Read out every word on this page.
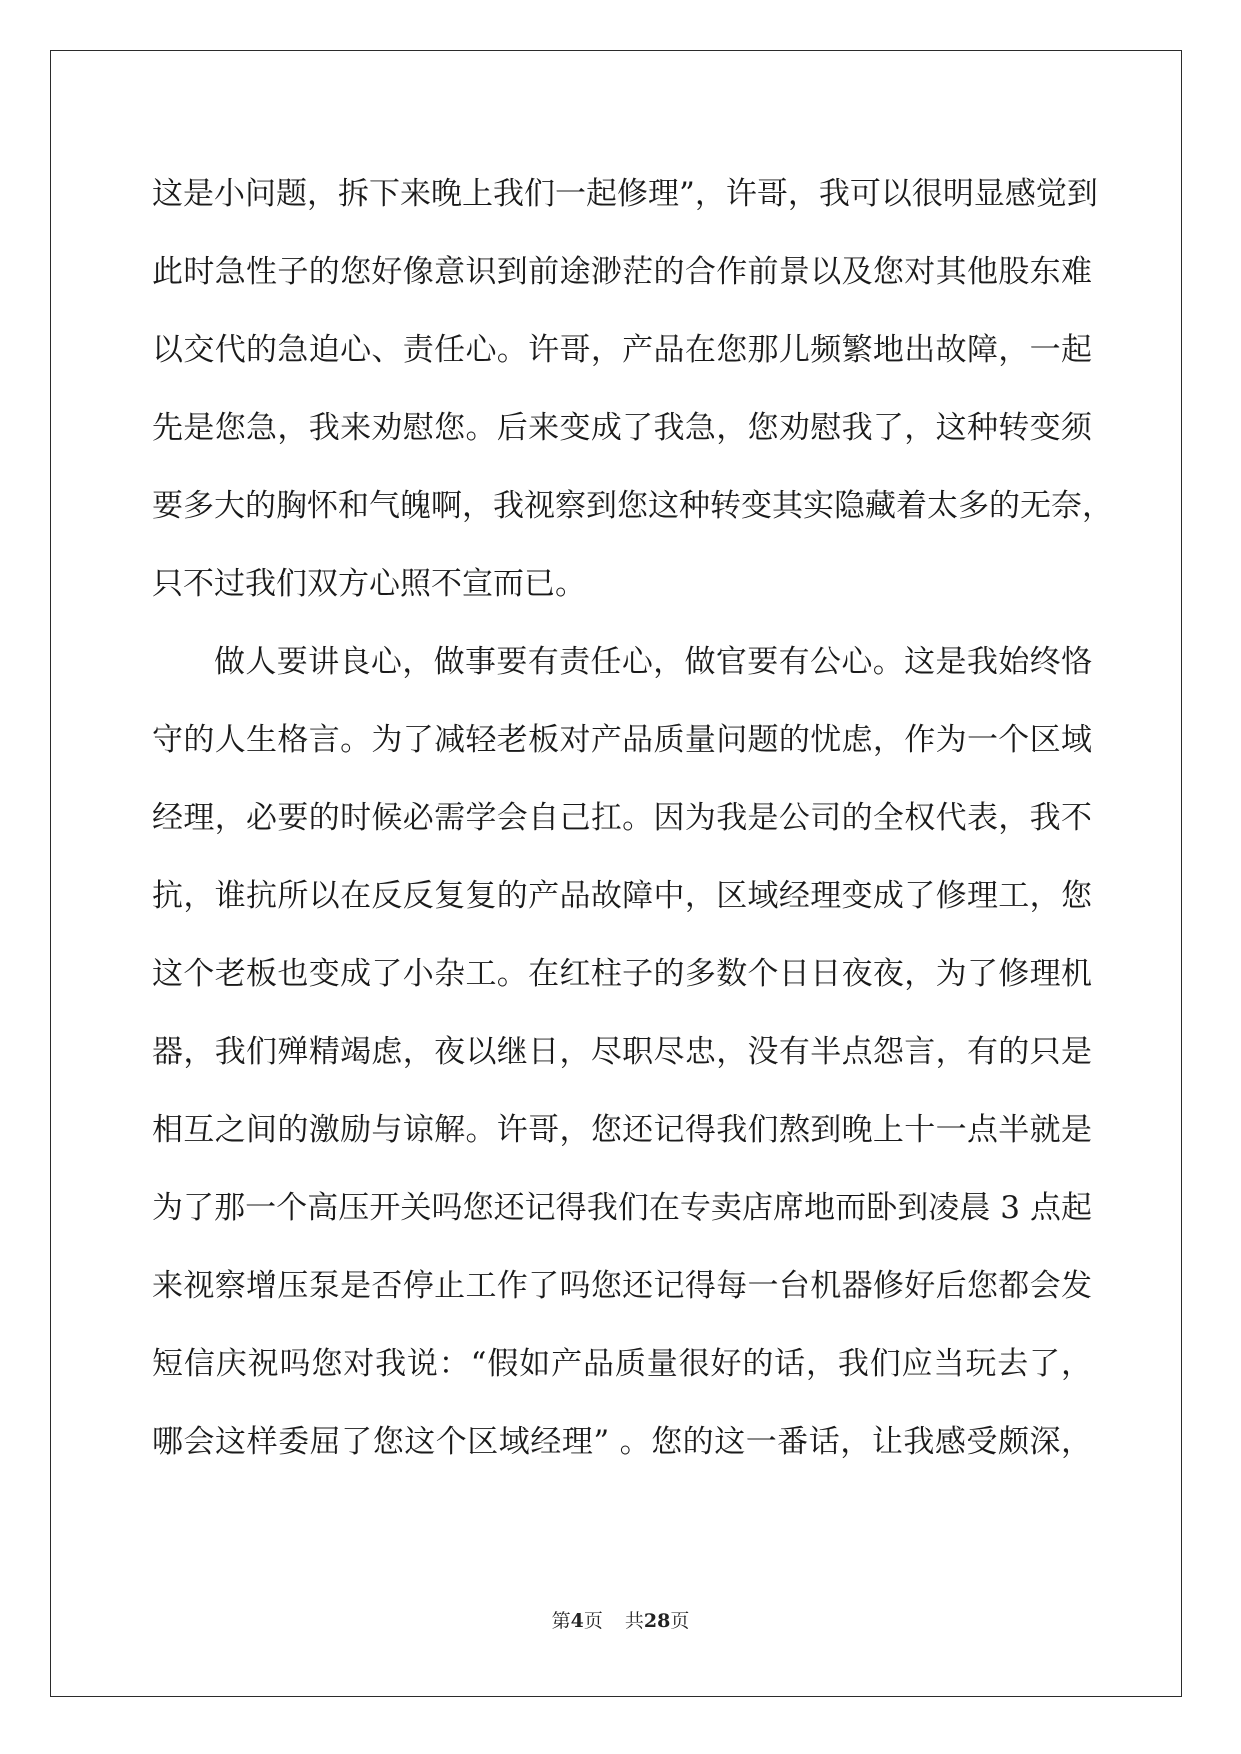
这是小问题，拆下来晚上我们一起修理”，许哥，我可以很明显感觉到
此时急性子的您好像意识到前途渺茫的合作前景以及您对其他股东难
以交代的急迫心、责任心。许哥，产品在您那儿频繁地出故障，一起
先是您急，我来劝慰您。后来变成了我急，您劝慰我了，这种转变须
要多大的胸怀和气魄啊，我视察到您这种转变其实隐藏着太多的无奈，
只不过我们双方心照不宣而已。
做人要讲良心，做事要有责任心，做官要有公心。这是我始终恪
守的人生格言。为了减轻老板对产品质量问题的忧虑，作为一个区域
经理，必要的时候必需学会自己扛。因为我是公司的全权代表，我不
抗，谁抗所以在反反复复的产品故障中，区域经理变成了修理工，您
这个老板也变成了小杂工。在红柱子的多数个日日夜夜，为了修理机
器，我们殚精竭虑，夜以继日，尽职尽忠，没有半点怨言，有的只是
相互之间的激励与谅解。许哥，您还记得我们熬到晚上十一点半就是
为了那一个高压开关吗您还记得我们在专卖店席地而卧到凌晨 3 点起
来视察增压泵是否停止工作了吗您还记得每一台机器修好后您都会发
短信庆祝吗您对我说：“假如产品质量很好的话，我们应当玩去了，
哪会这样委屈了您这个区域经理” 。您的这一番话，让我感受颇深，
第4页 共28页
